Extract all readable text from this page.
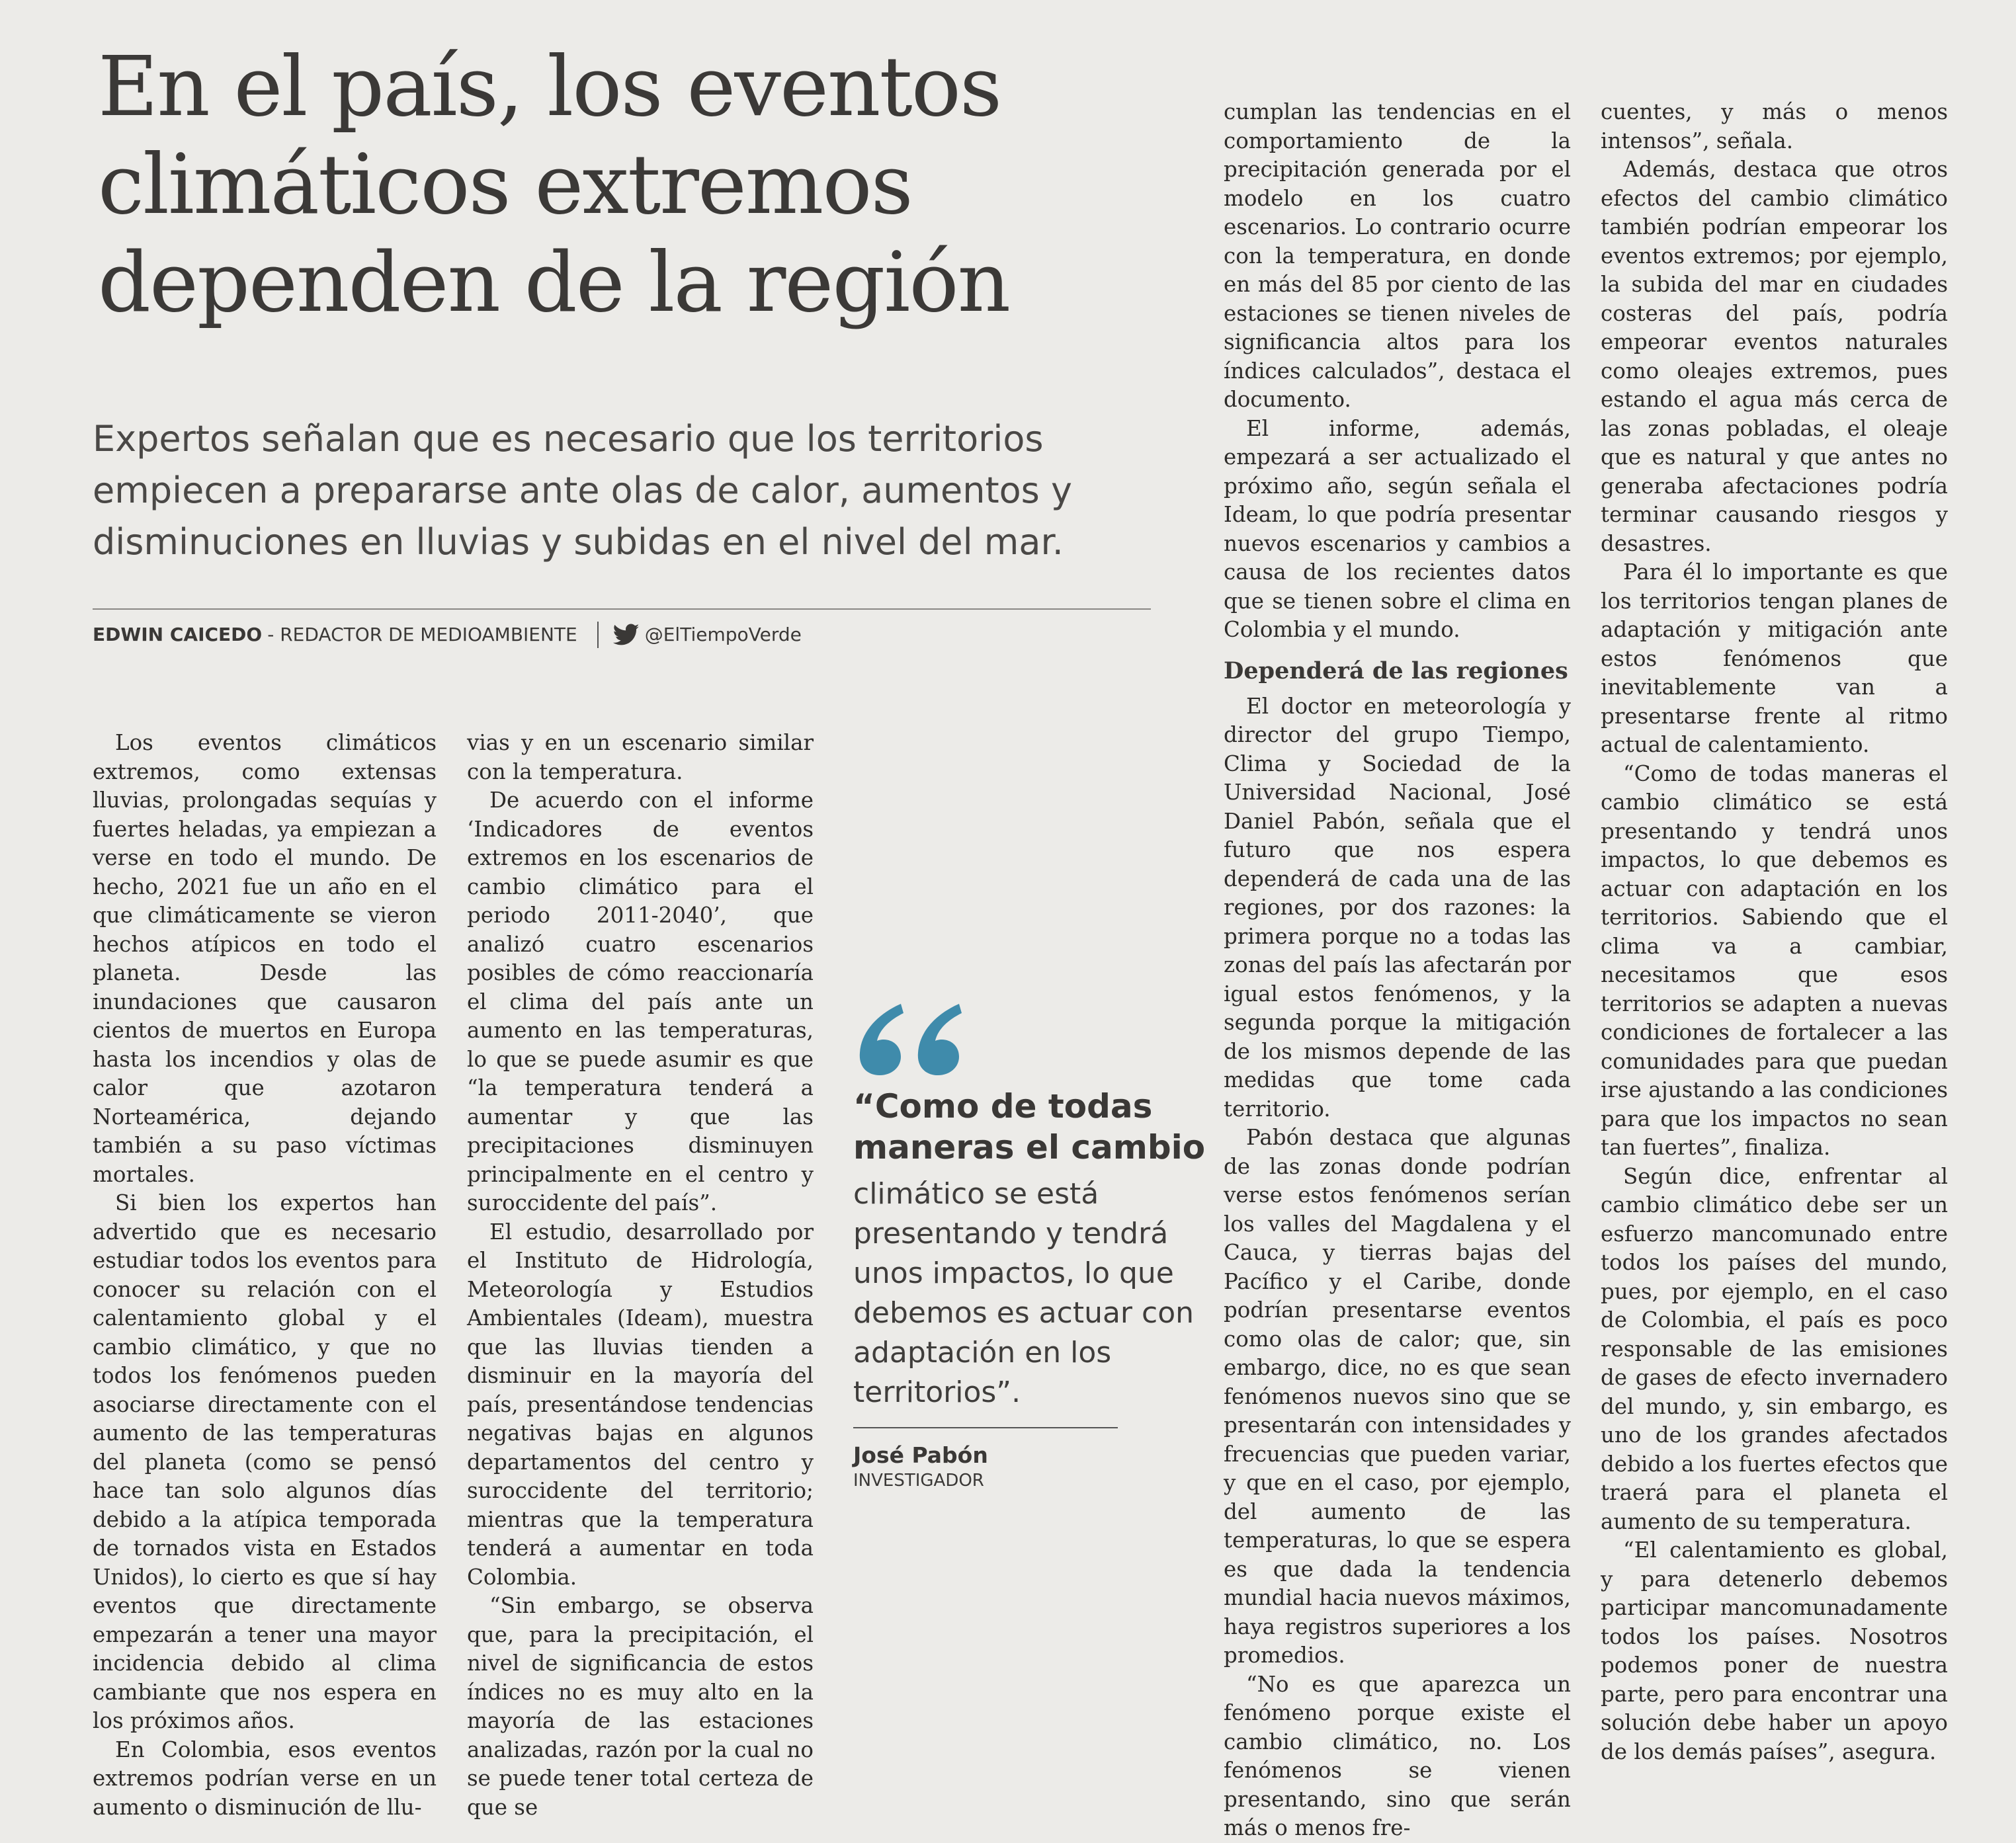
En el país, los eventos
climáticos extremos
dependen de la región

Expertos señalan que es necesario que los territorios
empiecen a prepararse ante olas de calor, aumentos y
disminuciones en lluvias y subidas en el nivel del mar.

EDWIN CAICEDO - REDACTOR DE MEDIOAMBIENTE	@ElTiempoVerde

Los eventos climáticos extremos, como extensas lluvias, prolongadas sequías y fuertes heladas, ya empiezan a verse en todo el mundo. De hecho, 2021 fue un año en el que climáticamente se vieron hechos atípicos en todo el planeta. Desde las inundaciones que causaron cientos de muertos en Europa hasta los incendios y olas de calor que azotaron Norteamérica, dejando también a su paso víctimas mortales.

Si bien los expertos han advertido que es necesario estudiar todos los eventos para conocer su relación con el calentamiento global y el cambio climático, y que no todos los fenómenos pueden asociarse directamente con el aumento de las temperaturas del planeta (como se pensó hace tan solo algunos días debido a la atípica temporada de tornados vista en Estados Unidos), lo cierto es que sí hay eventos que directamente empezarán a tener una mayor incidencia debido al clima cambiante que nos espera en los próximos años.

En Colombia, esos eventos extremos podrían verse en un aumento o disminución de llu-

vias y en un escenario similar con la temperatura.

De acuerdo con el informe ‘Indicadores de eventos extremos en los escenarios de cambio climático para el periodo 2011-2040’, que analizó cuatro escenarios posibles de cómo reaccionaría el clima del país ante un aumento en las temperaturas, lo que se puede asumir es que “la temperatura tenderá a aumentar y que las precipitaciones disminuyen principalmente en el centro y suroccidente del país”.

El estudio, desarrollado por el Instituto de Hidrología, Meteorología y Estudios Ambientales (Ideam), muestra que las lluvias tienden a disminuir en la mayoría del país, presentándose tendencias negativas bajas en algunos departamentos del centro y suroccidente del territorio; mientras que la temperatura tenderá a aumentar en toda Colombia.

“Sin embargo, se observa que, para la precipitación, el nivel de significancia de estos índices no es muy alto en la mayoría de las estaciones analizadas, razón por la cual no se puede tener total certeza de que se

“Como de todas maneras el cambio

climático se está presentando y tendrá unos impactos, lo que debemos es actuar con adaptación en los territorios”.

José Pabón
INVESTIGADOR

cumplan las tendencias en el comportamiento de la precipitación generada por el modelo en los cuatro escenarios. Lo contrario ocurre con la temperatura, en donde en más del 85 por ciento de las estaciones se tienen niveles de significancia altos para los índices calculados”, destaca el documento.

El informe, además, empezará a ser actualizado el próximo año, según señala el Ideam, lo que podría presentar nuevos escenarios y cambios a causa de los recientes datos que se tienen sobre el clima en Colombia y el mundo.

Dependerá de las regiones

El doctor en meteorología y director del grupo Tiempo, Clima y Sociedad de la Universidad Nacional, José Daniel Pabón, señala que el futuro que nos espera dependerá de cada una de las regiones, por dos razones: la primera porque no a todas las zonas del país las afectarán por igual estos fenómenos, y la segunda porque la mitigación de los mismos depende de las medidas que tome cada territorio.

Pabón destaca que algunas de las zonas donde podrían verse estos fenómenos serían los valles del Magdalena y el Cauca, y tierras bajas del Pacífico y el Caribe, donde podrían presentarse eventos como olas de calor; que, sin embargo, dice, no es que sean fenómenos nuevos sino que se presentarán con intensidades y frecuencias que pueden variar, y que en el caso, por ejemplo, del aumento de las temperaturas, lo que se espera es que dada la tendencia mundial hacia nuevos máximos, haya registros superiores a los promedios.

“No es que aparezca un fenómeno porque existe el cambio climático, no. Los fenómenos se vienen presentando, sino que serán más o menos fre-

cuentes, y más o menos intensos”, señala.

Además, destaca que otros efectos del cambio climático también podrían empeorar los eventos extremos; por ejemplo, la subida del mar en ciudades costeras del país, podría empeorar eventos naturales como oleajes extremos, pues estando el agua más cerca de las zonas pobladas, el oleaje que es natural y que antes no generaba afectaciones podría terminar causando riesgos y desastres.

Para él lo importante es que los territorios tengan planes de adaptación y mitigación ante estos fenómenos que inevitablemente van a presentarse frente al ritmo actual de calentamiento.

“Como de todas maneras el cambio climático se está presentando y tendrá unos impactos, lo que debemos es actuar con adaptación en los territorios. Sabiendo que el clima va a cambiar, necesitamos que esos territorios se adapten a nuevas condiciones de fortalecer a las comunidades para que puedan irse ajustando a las condiciones para que los impactos no sean tan fuertes”, finaliza.

Según dice, enfrentar al cambio climático debe ser un esfuerzo mancomunado entre todos los países del mundo, pues, por ejemplo, en el caso de Colombia, el país es poco responsable de las emisiones de gases de efecto invernadero del mundo, y, sin embargo, es uno de los grandes afectados debido a los fuertes efectos que traerá para el planeta el aumento de su temperatura.

“El calentamiento es global, y para detenerlo debemos participar mancomunadamente todos los países. Nosotros podemos poner de nuestra parte, pero para encontrar una solución debe haber un apoyo de los demás países”, asegura.
